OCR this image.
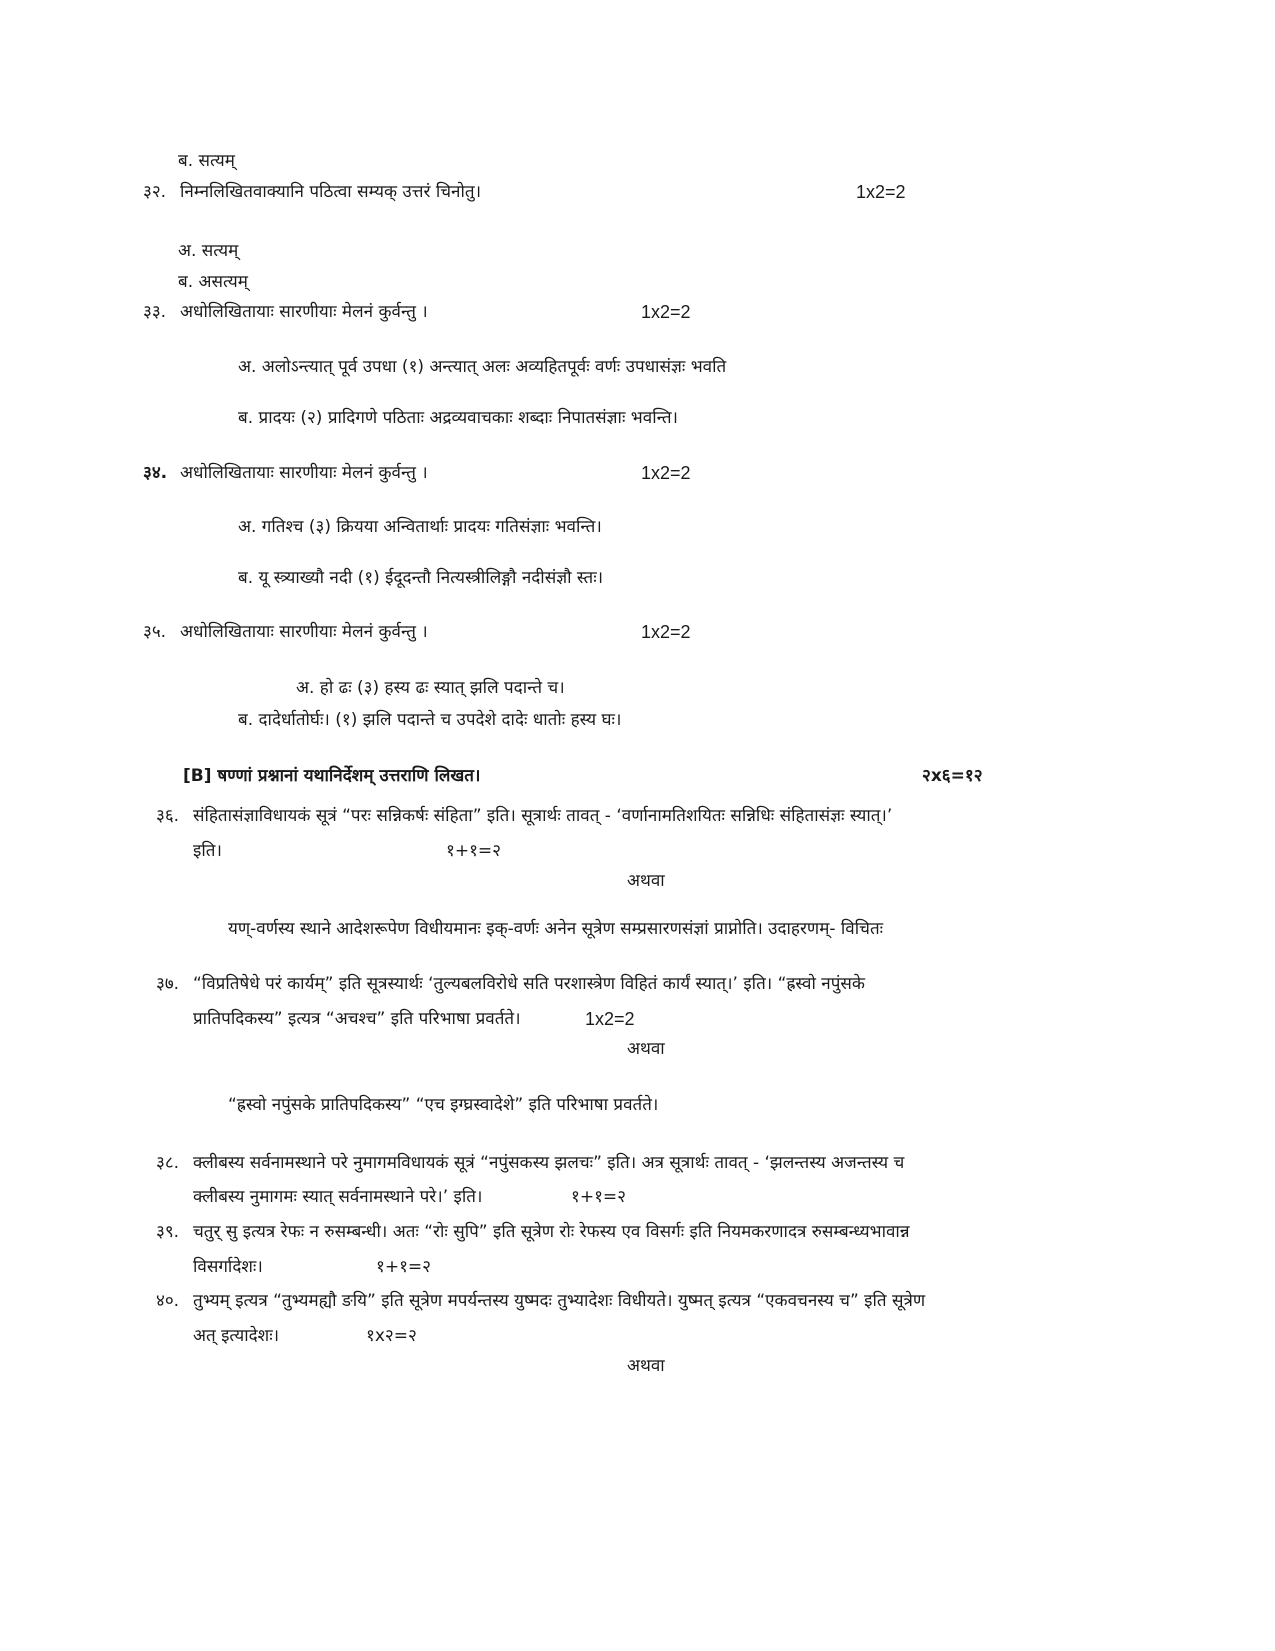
ब. सत्यम्
३२. निम्नलिखितवाक्यानि पठित्वा सम्यक् उत्तरं चिनोतु।	1x2=2
अ. सत्यम्
ब. असत्यम्
३३. अधोलिखितायाः सारणीयाः मेलनं कुर्वन्तु ।	1x2=2
अ. अलोऽन्त्यात् पूर्व उपधा (१) अन्त्यात् अलः अव्यहितपूर्वः वर्णः उपधासंज्ञः भवति
ब. प्रादयः (२) प्रादिगणे पठिताः अद्रव्यवाचकाः शब्दाः निपातसंज्ञाः भवन्ति।
३४. अधोलिखितायाः सारणीयाः मेलनं कुर्वन्तु ।	1x2=2
अ. गतिश्च (३) क्रियया अन्वितार्थाः प्रादयः गतिसंज्ञाः भवन्ति।
ब. यू स्त्र्याख्यौ नदी (१) ईदूदन्तौ नित्यस्त्रीलिङ्गौ नदीसंज्ञौ स्तः।
३५. अधोलिखितायाः सारणीयाः मेलनं कुर्वन्तु ।	1x2=2
अ. हो ढः (३) हस्य ढः स्यात् झलि पदान्ते च।
ब. दादेर्धातोर्घः। (१) झलि पदान्ते च उपदेशे दादेः धातोः हस्य घः।
[B] षण्णां प्रश्नानां यथानिर्देशम् उत्तराणि लिखत।	२x६=१२
३६. संहितासंज्ञाविधायकं सूत्रं “परः सन्निकर्षः संहिता” इति। सूत्रार्थः तावत् - ‘वर्णानामतिशयितः सन्निधिः संहितासंज्ञः स्यात्।’
इति।	१+१=२
अथवा
यण्-वर्णस्य स्थाने आदेशरूपेण विधीयमानः इक्-वर्णः अनेन सूत्रेण सम्प्रसारणसंज्ञां प्राप्नोति। उदाहरणम्- विचितः
३७. “विप्रतिषेधे परं कार्यम्” इति सूत्रस्यार्थः ‘तुल्यबलविरोधे सति परशास्त्रेण विहितं कार्यं स्यात्।’ इति। “ह्रस्वो नपुंसके
प्रातिपदिकस्य” इत्यत्र “अचश्च” इति परिभाषा प्रवर्तते।	1x2=2
अथवा
“ह्रस्वो नपुंसके प्रातिपदिकस्य” “एच इग्घ्रस्वादेशे” इति परिभाषा प्रवर्तते।
३८. क्लीबस्य सर्वनामस्थाने परे नुमागमविधायकं सूत्रं “नपुंसकस्य झलचः” इति। अत्र सूत्रार्थः तावत् - ‘झलन्तस्य अजन्तस्य च
क्लीबस्य नुमागमः स्यात् सर्वनामस्थाने परे।’ इति।	१+१=२
३९. चतुर् सु इत्यत्र रेफः न रुसम्बन्धी। अतः “रोः सुपि” इति सूत्रेण रोः रेफस्य एव विसर्गः इति नियमकरणादत्र रुसम्बन्ध्यभावान्न
विसर्गादेशः।	१+१=२
४०. तुभ्यम् इत्यत्र “तुभ्यमह्यौ ङयि” इति सूत्रेण मपर्यन्तस्य युष्मदः तुभ्यादेशः विधीयते। युष्मत् इत्यत्र “एकवचनस्य च” इति सूत्रेण
अत् इत्यादेशः।	१x२=२
अथवा
